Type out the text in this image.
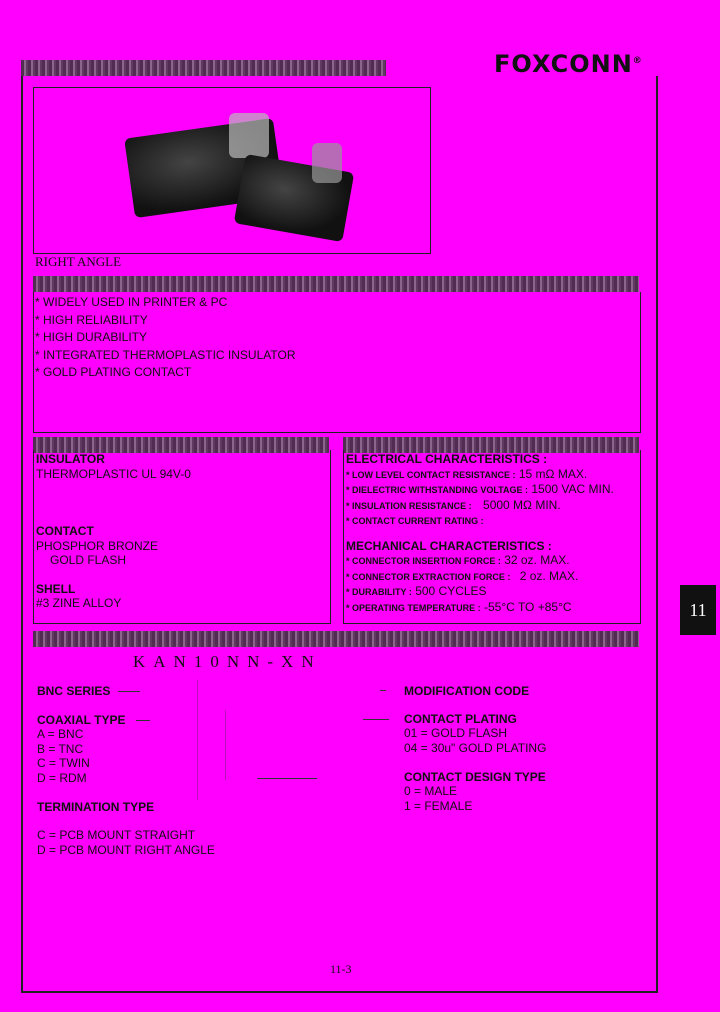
FOXCONN®
RIGHT ANGLE
* WIDELY USED IN PRINTER & PC
* HIGH RELIABILITY
* HIGH DURABILITY
* INTEGRATED THERMOPLASTIC INSULATOR
* GOLD PLATING CONTACT
INSULATOR
THERMOPLASTIC UL 94V-0
CONTACT
PHOSPHOR BRONZE
GOLD FLASH
SHELL
#3 ZINE ALLOY
ELECTRICAL CHARACTERISTICS :
* LOW LEVEL CONTACT RESISTANCE : 15 mΩ MAX.
* DIELECTRIC WITHSTANDING VOLTAGE : 1500 VAC MIN.
* INSULATION RESISTANCE : 5000 MΩ MIN.
* CONTACT CURRENT RATING :
MECHANICAL CHARACTERISTICS :
* CONNECTOR INSERTION FORCE : 32 oz. MAX.
* CONNECTOR EXTRACTION FORCE : 2 oz. MAX.
* DURABILITY : 500 CYCLES
* OPERATING TEMPERATURE : -55°C TO +85°C	11
KAN10NN-XN
BNC SERIES
COAXIAL TYPE
A = BNC
B = TNC
C = TWIN
D = RDM
TERMINATION TYPE
C = PCB MOUNT STRAIGHT
D = PCB MOUNT RIGHT ANGLE
MODIFICATION CODE
CONTACT PLATING
01 = GOLD FLASH
04 = 30u" GOLD PLATING
CONTACT DESIGN TYPE
0 = MALE
1 = FEMALE
11-3
